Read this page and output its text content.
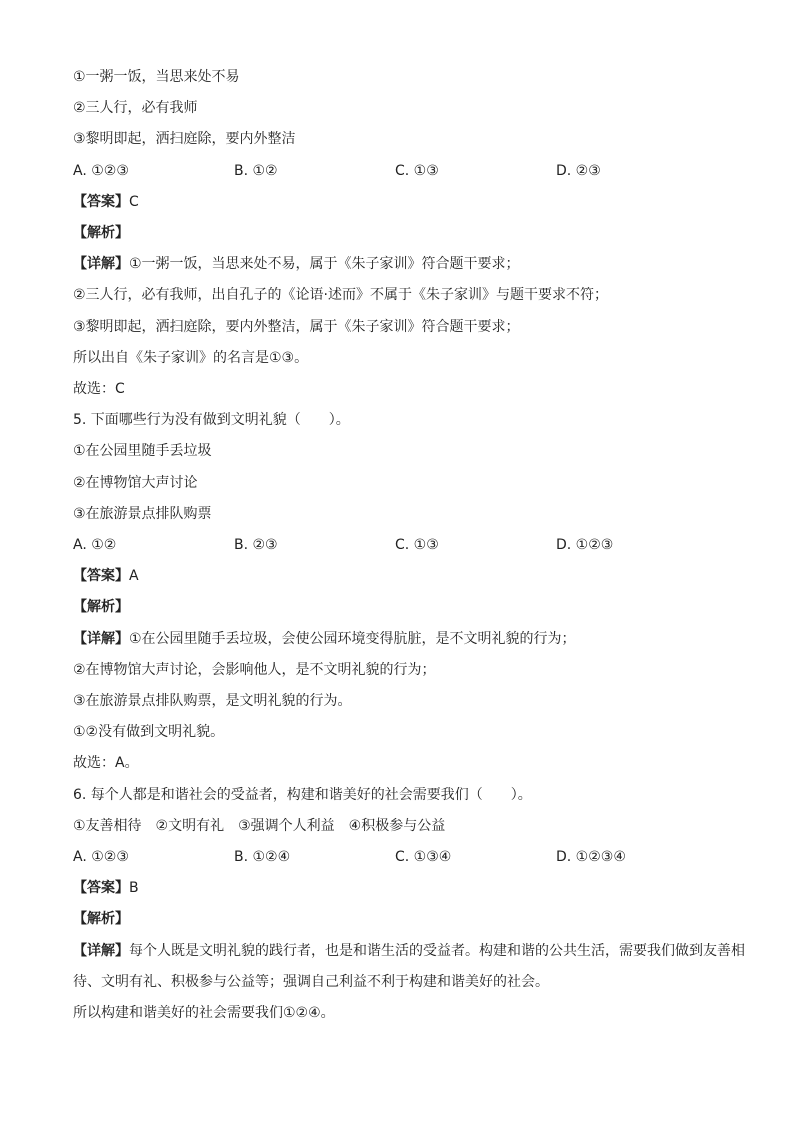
①一粥一饭，当思来处不易
②三人行，必有我师
③黎明即起，洒扫庭除，要内外整洁
A. ①②③	B. ①②	C. ①③	D. ②③
【答案】C
【解析】
【详解】①一粥一饭，当思来处不易，属于《朱子家训》符合题干要求；
②三人行，必有我师，出自孔子的《论语·述而》不属于《朱子家训》与题干要求不符；
③黎明即起，洒扫庭除，要内外整洁，属于《朱子家训》符合题干要求；
所以出自《朱子家训》的名言是①③。
故选：C
5. 下面哪些行为没有做到文明礼貌（　　）。
①在公园里随手丢垃圾
②在博物馆大声讨论
③在旅游景点排队购票
A. ①②	B. ②③	C. ①③	D. ①②③
【答案】A
【解析】
【详解】①在公园里随手丢垃圾，会使公园环境变得肮脏，是不文明礼貌的行为；
②在博物馆大声讨论，会影响他人，是不文明礼貌的行为；
③在旅游景点排队购票，是文明礼貌的行为。
①②没有做到文明礼貌。
故选：A。
6. 每个人都是和谐社会的受益者，构建和谐美好的社会需要我们（　　）。
①友善相待　②文明有礼　③强调个人利益　④积极参与公益
A. ①②③	B. ①②④	C. ①③④	D. ①②③④
【答案】B
【解析】
【详解】每个人既是文明礼貌的践行者，也是和谐生活的受益者。构建和谐的公共生活，需要我们做到友善相待、文明有礼、积极参与公益等；强调自己利益不利于构建和谐美好的社会。
所以构建和谐美好的社会需要我们①②④。
